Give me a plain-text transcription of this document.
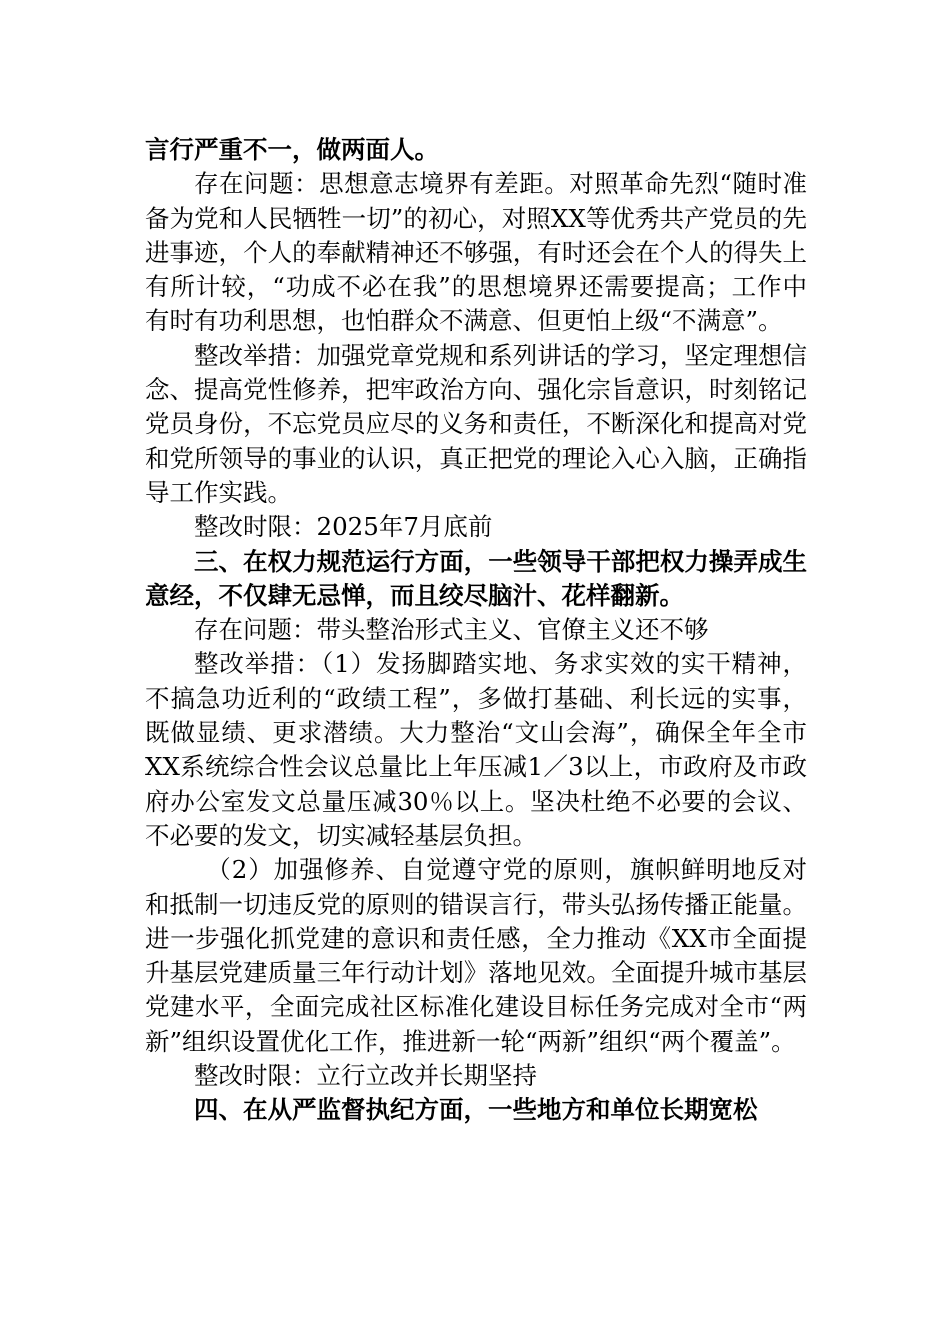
言行严重不一，做两面人。

存在问题：思想意志境界有差距。对照革命先烈“随时准备为党和人民牺牲一切”的初心，对照XX等优秀共产党员的先进事迹，个人的奉献精神还不够强，有时还会在个人的得失上有所计较，“功成不必在我”的思想境界还需要提高；工作中有时有功利思想，也怕群众不满意、但更怕上级“不满意”。

整改举措：加强党章党规和系列讲话的学习，坚定理想信念、提高党性修养，把牢政治方向、强化宗旨意识，时刻铭记党员身份，不忘党员应尽的义务和责任，不断深化和提高对党和党所领导的事业的认识，真正把党的理论入心入脑，正确指导工作实践。

整改时限：2025年7月底前

三、在权力规范运行方面，一些领导干部把权力操弄成生意经，不仅肆无忌惮，而且绞尽脑汁、花样翻新。

存在问题：带头整治形式主义、官僚主义还不够

整改举措：（1）发扬脚踏实地、务求实效的实干精神，不搞急功近利的“政绩工程”，多做打基础、利长远的实事，既做显绩、更求潜绩。大力整治“文山会海”，确保全年全市XX系统综合性会议总量比上年压减1／3以上，市政府及市政府办公室发文总量压减30％以上。坚决杜绝不必要的会议、不必要的发文，切实减轻基层负担。

（2）加强修养、自觉遵守党的原则，旗帜鲜明地反对和抵制一切违反党的原则的错误言行，带头弘扬传播正能量。进一步强化抓党建的意识和责任感，全力推动《XX市全面提升基层党建质量三年行动计划》落地见效。全面提升城市基层党建水平，全面完成社区标准化建设目标任务完成对全市“两新”组织设置优化工作，推进新一轮“两新”组织“两个覆盖”。

整改时限：立行立改并长期坚持

四、在从严监督执纪方面，一些地方和单位长期宽松
